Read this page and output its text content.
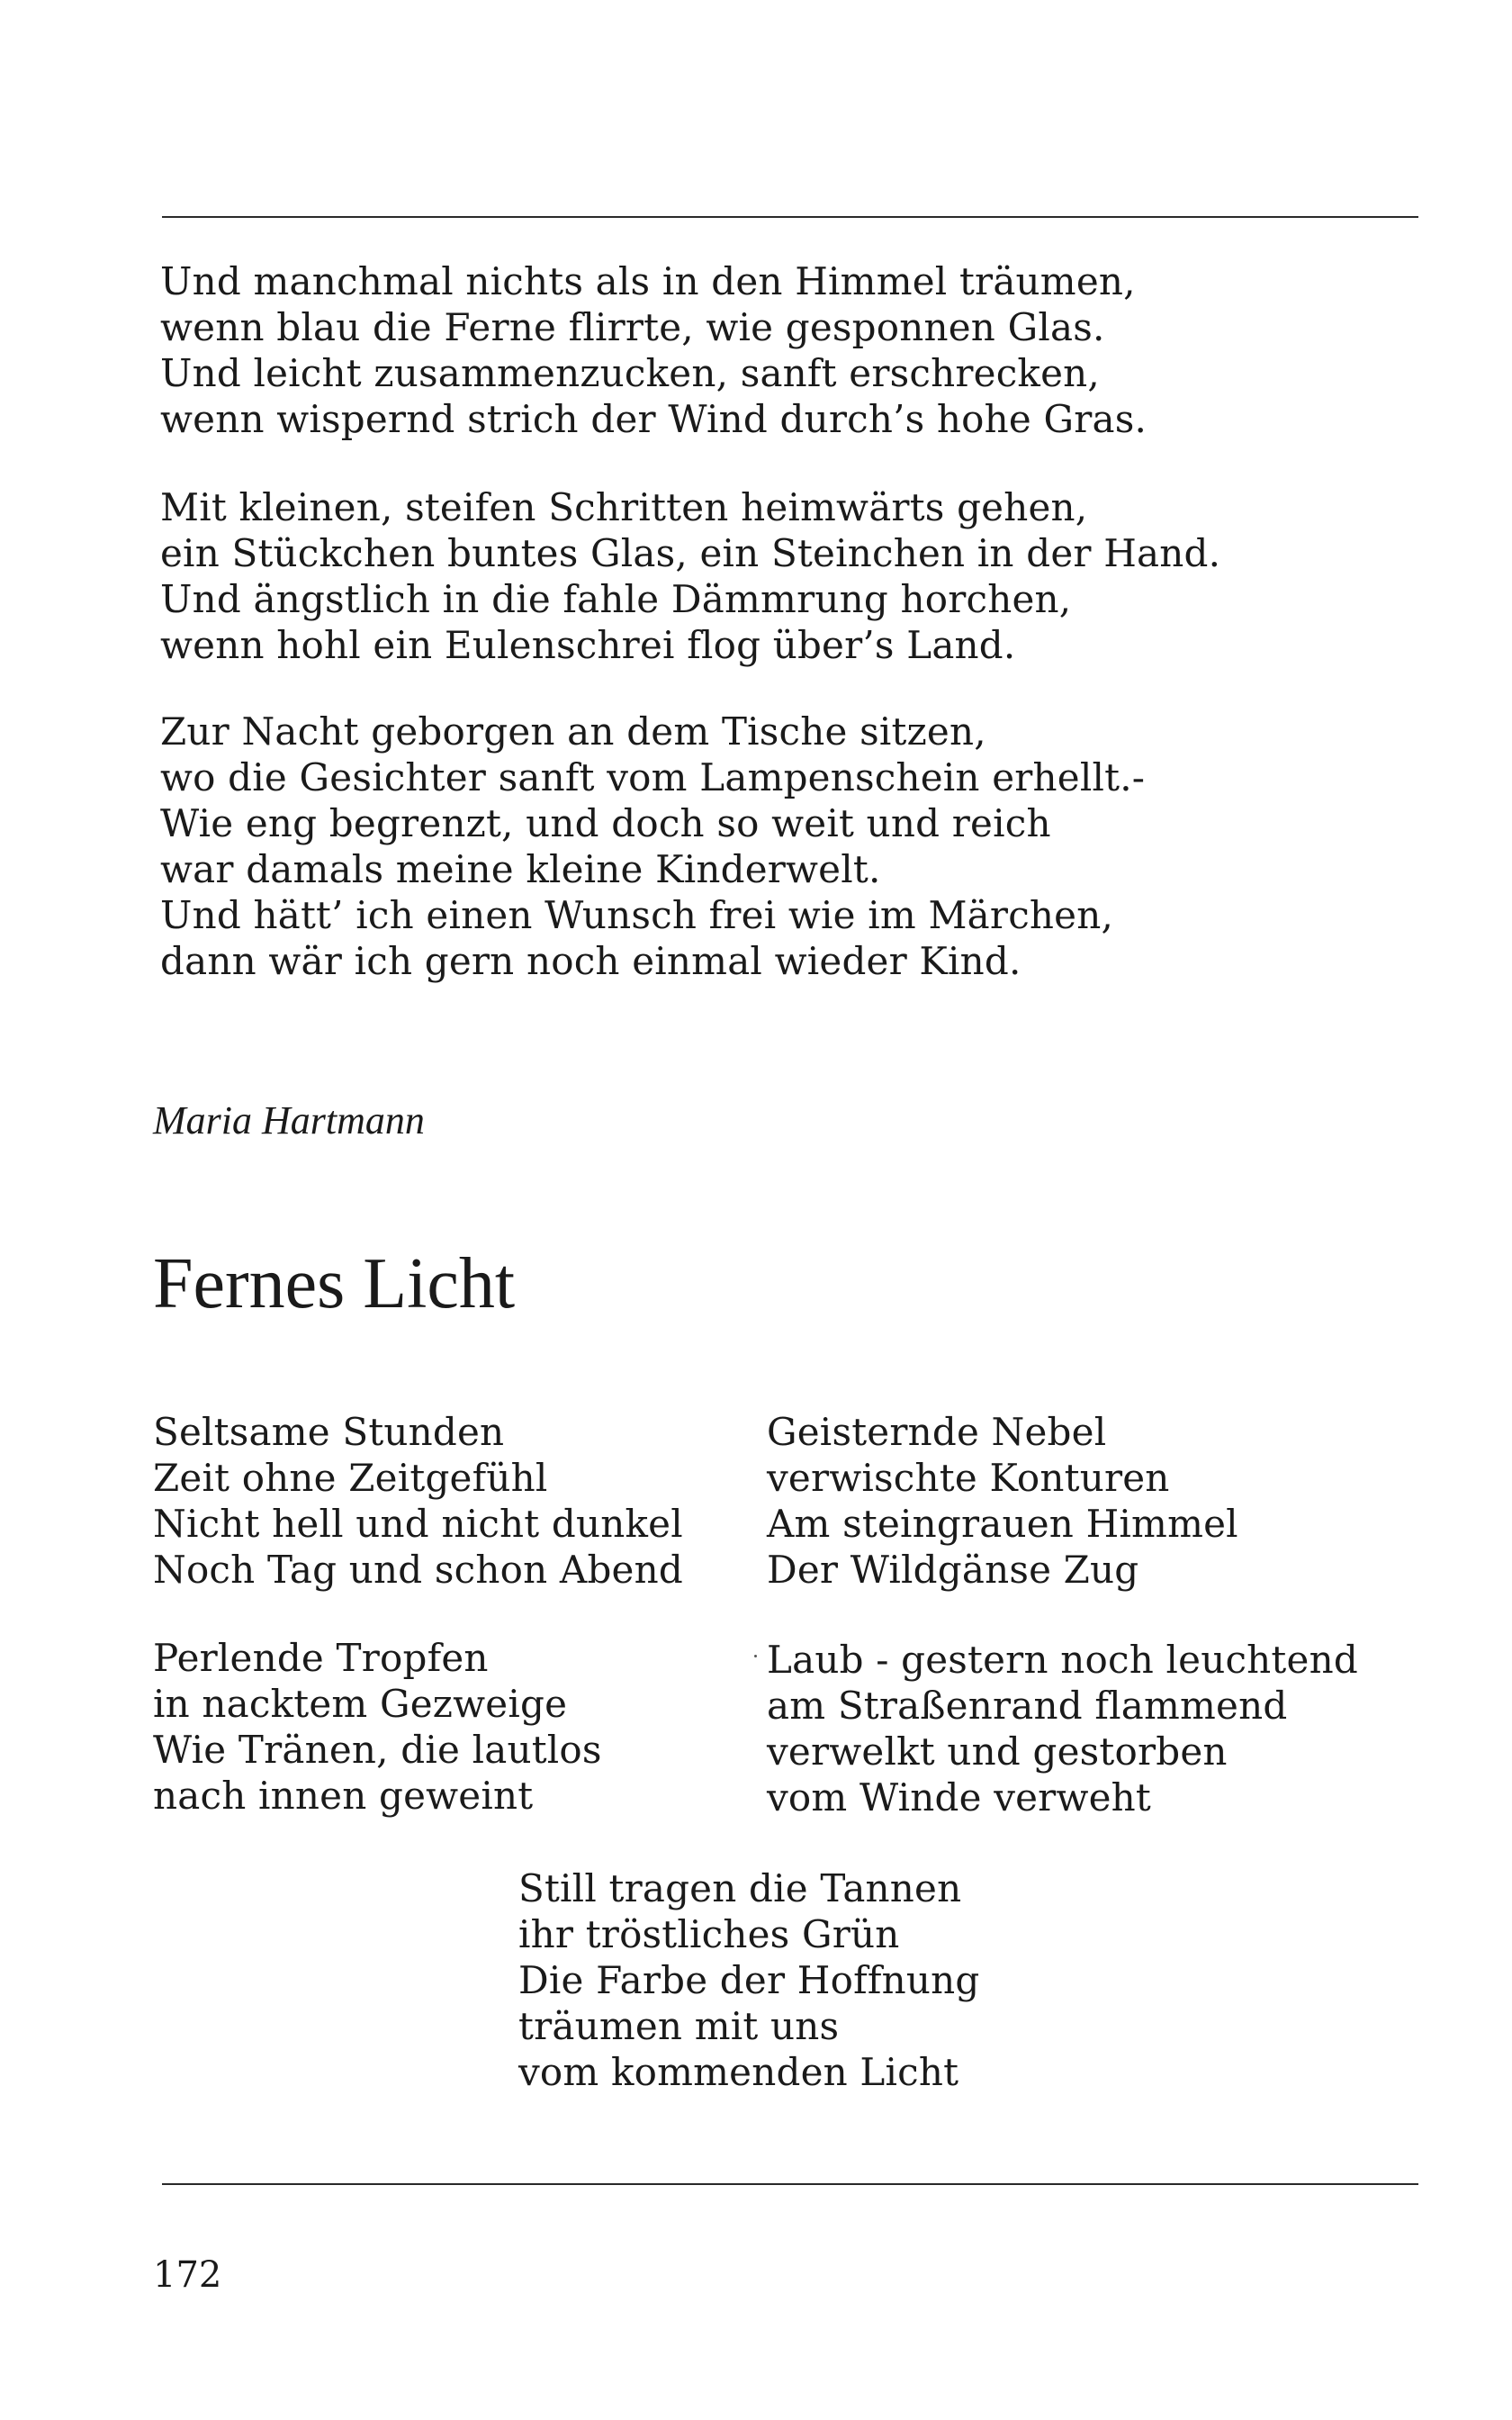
Und manchmal nichts als in den Himmel träumen,
wenn blau die Ferne flirrte, wie gesponnen Glas.
Und leicht zusammenzucken, sanft erschrecken,
wenn wispernd strich der Wind durch’s hohe Gras.
Mit kleinen, steifen Schritten heimwärts gehen,
ein Stückchen buntes Glas, ein Steinchen in der Hand.
Und ängstlich in die fahle Dämmrung horchen,
wenn hohl ein Eulenschrei flog über’s Land.
Zur Nacht geborgen an dem Tische sitzen,
wo die Gesichter sanft vom Lampenschein erhellt.-
Wie eng begrenzt, und doch so weit und reich
war damals meine kleine Kinderwelt.
Und hätt’ ich einen Wunsch frei wie im Märchen,
dann wär ich gern noch einmal wieder Kind.

Maria Hartmann

Fernes Licht
Seltsame Stunden
Zeit ohne Zeitgefühl
Nicht hell und nicht dunkel
Noch Tag und schon Abend
Geisternde Nebel
verwischte Konturen
Am steingrauen Himmel
Der Wildgänse Zug
Perlende Tropfen
in nacktem Gezweige
Wie Tränen, die lautlos
nach innen geweint
Laub - gestern noch leuchtend
am Straßenrand flammend
verwelkt und gestorben
vom Winde verweht
Still tragen die Tannen
ihr tröstliches Grün
Die Farbe der Hoffnung
träumen mit uns
vom kommenden Licht

172
